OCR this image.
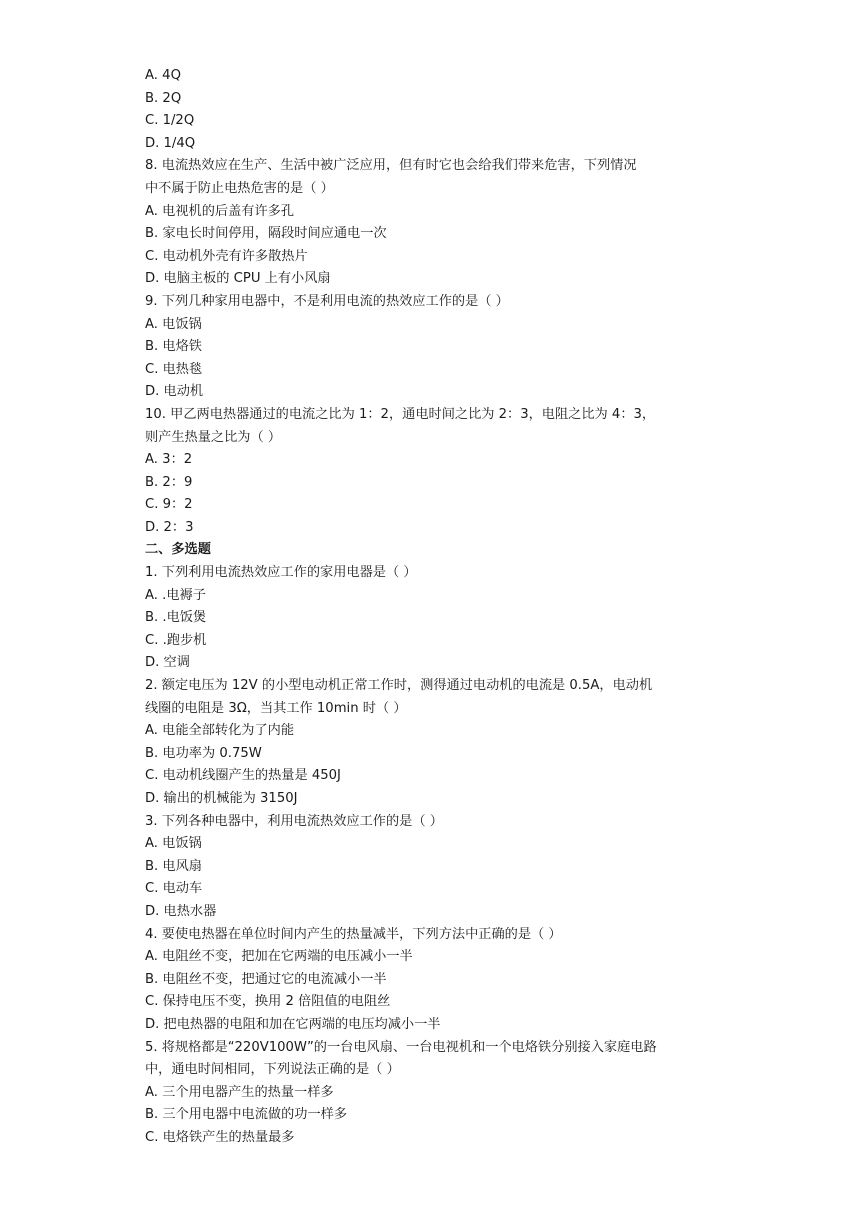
A. 4Q
B. 2Q
C. 1/2Q
D. 1/4Q
8. 电流热效应在生产、生活中被广泛应用，但有时它也会给我们带来危害，下列情况
中不属于防止电热危害的是（ ）
A. 电视机的后盖有许多孔
B. 家电长时间停用，隔段时间应通电一次
C. 电动机外壳有许多散热片
D. 电脑主板的 CPU 上有小风扇
9. 下列几种家用电器中，不是利用电流的热效应工作的是（ ）
A. 电饭锅
B. 电烙铁
C. 电热毯
D. 电动机
10. 甲乙两电热器通过的电流之比为 1：2，通电时间之比为 2：3，电阻之比为 4：3，
则产生热量之比为（ ）
A. 3：2
B. 2：9
C. 9：2
D. 2：3
二、多选题
1. 下列利用电流热效应工作的家用电器是（ ）
A. .电褥子
B. .电饭煲
C. .跑步机
D. 空调
2. 额定电压为 12V 的小型电动机正常工作时，测得通过电动机的电流是 0.5A，电动机
线圈的电阻是 3Ω，当其工作 10min 时（ ）
A. 电能全部转化为了内能
B. 电功率为 0.75W
C. 电动机线圈产生的热量是 450J
D. 输出的机械能为 3150J
3. 下列各种电器中，利用电流热效应工作的是（ ）
A. 电饭锅
B. 电风扇
C. 电动车
D. 电热水器
4. 要使电热器在单位时间内产生的热量减半，下列方法中正确的是（ ）
A. 电阻丝不变，把加在它两端的电压减小一半
B. 电阻丝不变，把通过它的电流减小一半
C. 保持电压不变，换用 2 倍阻值的电阻丝
D. 把电热器的电阻和加在它两端的电压均减小一半
5. 将规格都是“220V100W”的一台电风扇、一台电视机和一个电烙铁分别接入家庭电路
中，通电时间相同，下列说法正确的是（ ）
A. 三个用电器产生的热量一样多
B. 三个用电器中电流做的功一样多
C. 电烙铁产生的热量最多
